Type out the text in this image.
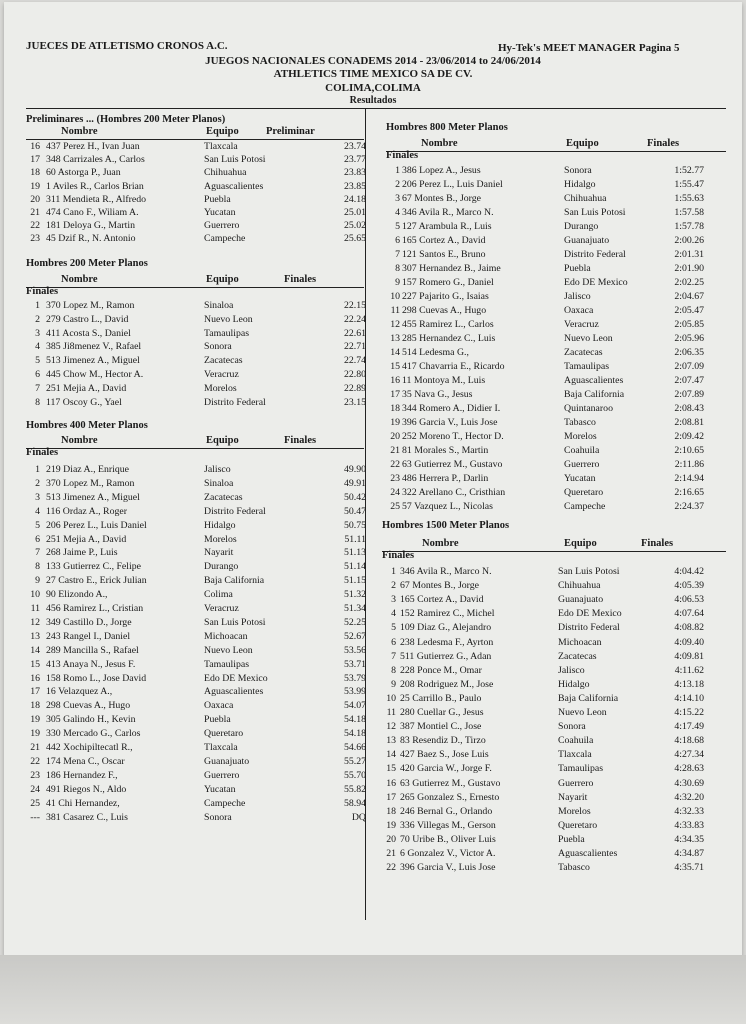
JUECES DE ATLETISMO CRONOS A.C.	Hy-Tek's MEET MANAGER Pagina 5
JUEGOS NACIONALES CONADEMS 2014 - 23/06/2014 to 24/06/2014
ATHLETICS TIME MEXICO SA DE CV.
COLIMA,COLIMA
Resultados
Preliminares ... (Hombres 200 Meter Planos)
Nombre	Equipo	Preliminar
16 437 Perez H., Ivan Juan	Tlaxcala	23.74
17 348 Carrizales A., Carlos	San Luis Potosi	23.77
18 60 Astorga P., Juan	Chihuahua	23.83
19 1 Aviles R., Carlos Brian	Aguascalientes	23.85
20 311 Mendieta R., Alfredo	Puebla	24.18
21 474 Cano F., Wiliam A.	Yucatan	25.01
22 181 Deloya G., Martin	Guerrero	25.02
23 45 Dzif R., N. Antonio	Campeche	25.65
Hombres 200 Meter Planos
Nombre	Equipo	Finales
Finales
1 370 Lopez M., Ramon	Sinaloa	22.15
2 279 Castro L., David	Nuevo Leon	22.24
3 411 Acosta S., Daniel	Tamaulipas	22.61
4 385 Ji8menez V., Rafael	Sonora	22.71
5 513 Jimenez A., Miguel	Zacatecas	22.74
6 445 Chow M., Hector A.	Veracruz	22.80
7 251 Mejia A., David	Morelos	22.89
8 117 Oscoy G., Yael	Distrito Federal	23.15
Hombres 400 Meter Planos
Nombre	Equipo	Finales
Finales
1 219 Diaz A., Enrique	Jalisco	49.90
2 370 Lopez M., Ramon	Sinaloa	49.91
3 513 Jimenez A., Miguel	Zacatecas	50.42
4 116 Ordaz A., Roger	Distrito Federal	50.47
5 206 Perez L., Luis Daniel	Hidalgo	50.75
6 251 Mejia A., David	Morelos	51.11
7 268 Jaime P., Luis	Nayarit	51.13
8 133 Gutierrez C., Felipe	Durango	51.14
9 27 Castro E., Erick Julian	Baja California	51.15
10 90 Elizondo A.,	Colima	51.32
11 456 Ramirez L., Cristian	Veracruz	51.34
12 349 Castillo D., Jorge	San Luis Potosi	52.25
13 243 Rangel I., Daniel	Michoacan	52.67
14 289 Mancilla S., Rafael	Nuevo Leon	53.56
15 413 Anaya N., Jesus F.	Tamaulipas	53.71
16 158 Romo L., Jose David	Edo DE Mexico	53.79
17 16 Velazquez A.,	Aguascalientes	53.99
18 298 Cuevas A., Hugo	Oaxaca	54.07
19 305 Galindo H., Kevin	Puebla	54.18
19 330 Mercado G., Carlos	Queretaro	54.18
21 442 Xochipiltecatl R.,	Tlaxcala	54.66
22 174 Mena C., Oscar	Guanajuato	55.27
23 186 Hernandez F.,	Guerrero	55.70
24 491 Riegos N., Aldo	Yucatan	55.82
25 41 Chi Hernandez,	Campeche	58.94
--- 381 Casarez C., Luis	Sonora	DQ
Hombres 800 Meter Planos
Nombre	Equipo	Finales
Finales
1 386 Lopez A., Jesus	Sonora	1:52.77
2 206 Perez L., Luis Daniel	Hidalgo	1:55.47
3 67 Montes B., Jorge	Chihuahua	1:55.63
4 346 Avila R., Marco N.	San Luis Potosi	1:57.58
5 127 Arambula R., Luis	Durango	1:57.78
6 165 Cortez A., David	Guanajuato	2:00.26
7 121 Santos E., Bruno	Distrito Federal	2:01.31
8 307 Hernandez B., Jaime	Puebla	2:01.90
9 157 Romero G., Daniel	Edo DE Mexico	2:02.25
10 227 Pajarito G., Isaias	Jalisco	2:04.67
11 298 Cuevas A., Hugo	Oaxaca	2:05.47
12 455 Ramirez L., Carlos	Veracruz	2:05.85
13 285 Hernandez C., Luis	Nuevo Leon	2:05.96
14 514 Ledesma G.,	Zacatecas	2:06.35
15 417 Chavarria E., Ricardo	Tamaulipas	2:07.09
16 11 Montoya M., Luis	Aguascalientes	2:07.47
17 35 Nava G., Jesus	Baja California	2:07.89
18 344 Romero A., Didier I.	Quintanaroo	2:08.43
19 396 Garcia V., Luis Jose	Tabasco	2:08.81
20 252 Moreno T., Hector D.	Morelos	2:09.42
21 81 Morales S., Martin	Coahuila	2:10.65
22 63 Gutierrez M., Gustavo	Guerrero	2:11.86
23 486 Herrera P., Darlin	Yucatan	2:14.94
24 322 Arellano C., Cristhian	Queretaro	2:16.65
25 57 Vazquez L., Nicolas	Campeche	2:24.37
Hombres 1500 Meter Planos
Nombre	Equipo	Finales
Finales
1 346 Avila R., Marco N.	San Luis Potosi	4:04.42
2 67 Montes B., Jorge	Chihuahua	4:05.39
3 165 Cortez A., David	Guanajuato	4:06.53
4 152 Ramirez C., Michel	Edo DE Mexico	4:07.64
5 109 Diaz G., Alejandro	Distrito Federal	4:08.82
6 238 Ledesma F., Ayrton	Michoacan	4:09.40
7 511 Gutierrez G., Adan	Zacatecas	4:09.81
8 228 Ponce M., Omar	Jalisco	4:11.62
9 208 Rodriguez M., Jose	Hidalgo	4:13.18
10 25 Carrillo B., Paulo	Baja California	4:14.10
11 280 Cuellar G., Jesus	Nuevo Leon	4:15.22
12 387 Montiel C., Jose	Sonora	4:17.49
13 83 Resendiz D., Tirzo	Coahuila	4:18.68
14 427 Baez S., Jose Luis	Tlaxcala	4:27.34
15 420 Garcia W., Jorge F.	Tamaulipas	4:28.63
16 63 Gutierrez M., Gustavo	Guerrero	4:30.69
17 265 Gonzalez S., Ernesto	Nayarit	4:32.20
18 246 Bernal G., Orlando	Morelos	4:32.33
19 336 Villegas M., Gerson	Queretaro	4:33.83
20 70 Uribe B., Oliver Luis	Puebla	4:34.35
21 6 Gonzalez V., Victor A.	Aguascalientes	4:34.87
22 396 Garcia V., Luis Jose	Tabasco	4:35.71
